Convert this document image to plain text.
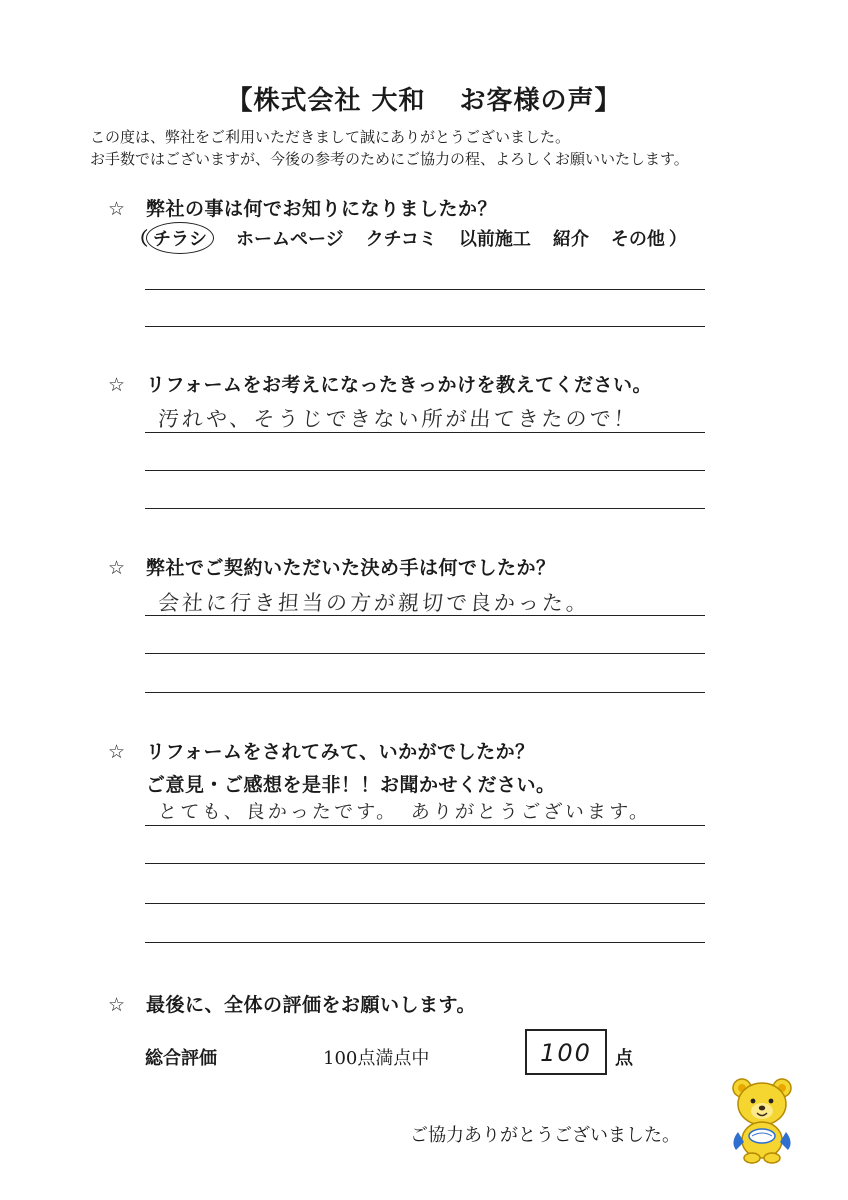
【株式会社 大和 お客様の声】
この度は、弊社をご利用いただきまして誠にありがとうございました。
お手数ではございますが、今後の参考のためにご協力の程、よろしくお願いいたします。
☆ 弊社の事は何でお知りになりましたか？
（ チラシ ホームページ クチコミ 以前施工 紹介 その他 ）
☆ リフォームをお考えになったきっかけを教えてください。
汚れや、そうじできない所が出てきたので！
☆ 弊社でご契約いただいた決め手は何でしたか？
会社に行き担当の方が親切で良かった。
☆ リフォームをされてみて、いかがでしたか？
ご意見・ご感想を是非！！お聞かせください。
とても、良かったです。　ありがとうございます。
☆ 最後に、全体の評価をお願いします。
総合評価	100点満点中	100	点
ご協力ありがとうございました。
